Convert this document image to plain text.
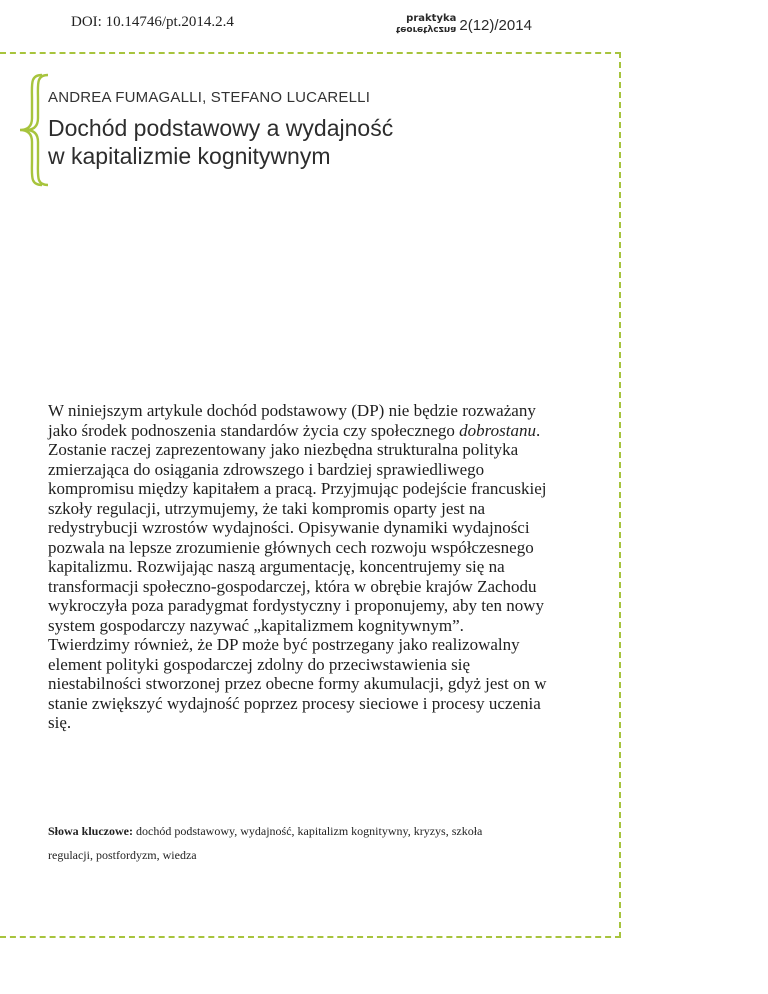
DOI: 10.14746/pt.2014.2.4	praktyka
teoretyczna 2(12)/2014
ANDREA FUMAGALLI, STEFANO LUCARELLI
Dochód podstawowy a wydajność
w kapitalizmie kognitywnym

W niniejszym artykule dochód podstawowy (DP) nie będzie rozważany jako środek podnoszenia standardów życia czy społecznego dobrostanu. Zostanie raczej zaprezentowany jako niezbędna strukturalna polityka zmierzająca do osiągania zdrowszego i bardziej sprawiedliwego kompromisu między kapitałem a pracą. Przyjmując podejście francuskiej szkoły regulacji, utrzymujemy, że taki kompromis oparty jest na redystrybucji wzrostów wydajności. Opisywanie dynamiki wydajności pozwala na lepsze zrozumienie głównych cech rozwoju współczesnego kapitalizmu. Rozwijając naszą argumentację, koncentrujemy się na transformacji społeczno-gospodarczej, która w obrębie krajów Zachodu wykroczyła poza paradygmat fordystyczny i proponujemy, aby ten nowy system gospodarczy nazywać „kapitalizmem kognitywnym”. Twierdzimy również, że DP może być postrzegany jako realizowalny element polityki gospodarczej zdolny do przeciwstawienia się niestabilności stworzonej przez obecne formy akumulacji, gdyż jest on w stanie zwiększyć wydajność poprzez procesy sieciowe i procesy uczenia się.

Słowa kluczowe: dochód podstawowy, wydajność, kapitalizm kognitywny, kryzys, szkoła regulacji, postfordyzm, wiedza
